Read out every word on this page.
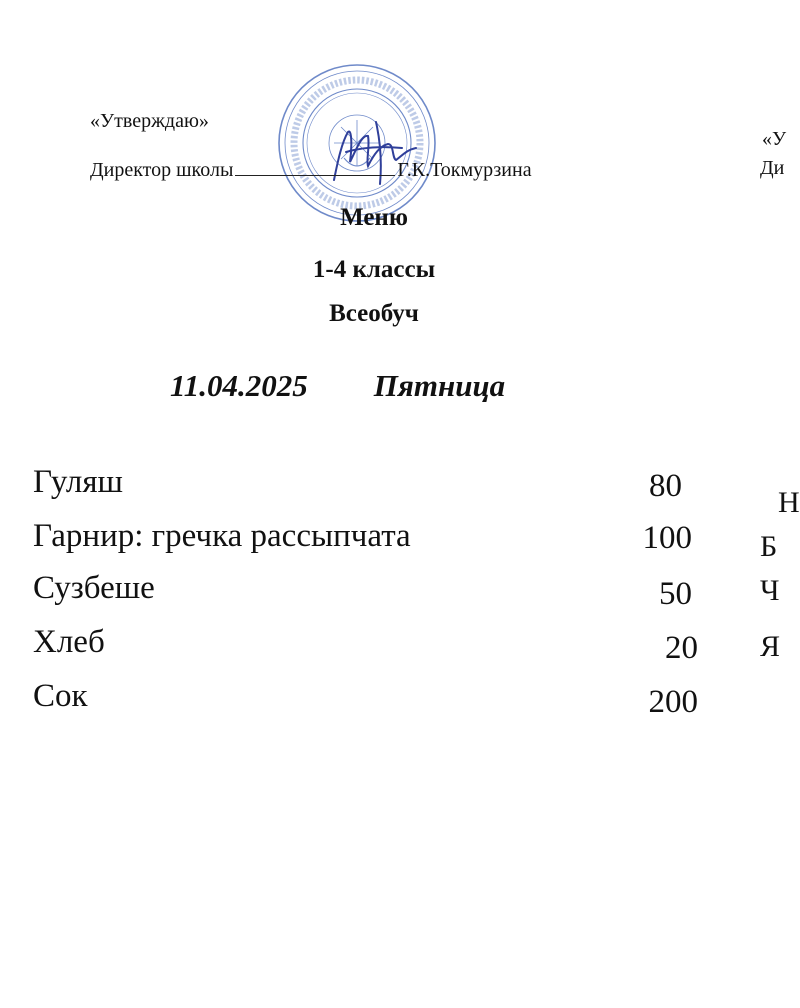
«Утверждаю»
Директор школы	Г.К.Токмурзина
«У
Ди
Н
Б
Ч
Я
Меню
1-4 классы
Всеобуч
11.04.2025 Пятница
Гуляш	80
Гарнир: гречка рассыпчата	100
Сузбеше	50
Хлеб	20
Сок	200
